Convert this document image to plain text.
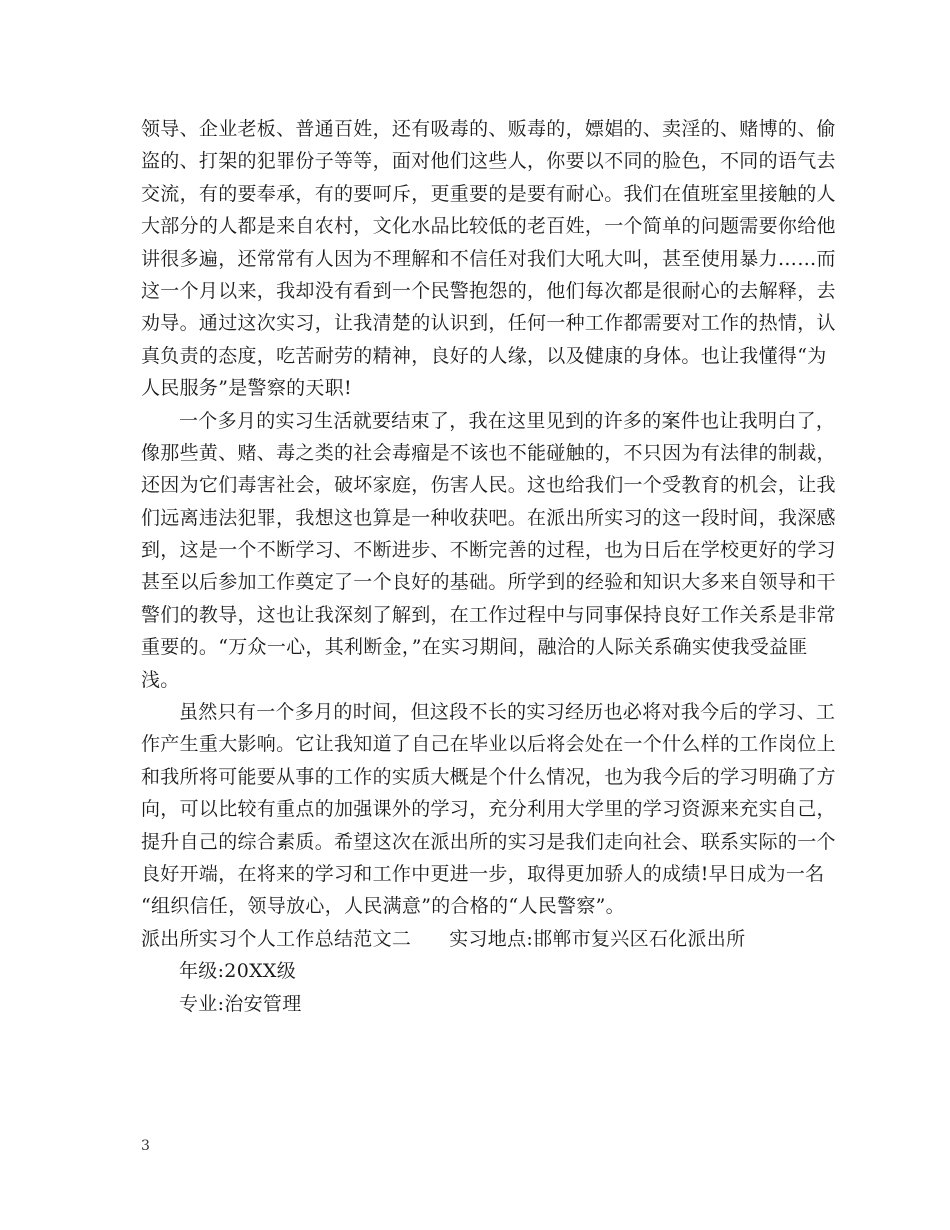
领导、企业老板、普通百姓，还有吸毒的、贩毒的，嫖娼的、卖淫的、赌博的、偷
盗的、打架的犯罪份子等等，面对他们这些人，你要以不同的脸色，不同的语气去
交流，有的要奉承，有的要呵斥，更重要的是要有耐心。我们在值班室里接触的人
大部分的人都是来自农村，文化水品比较低的老百姓，一个简单的问题需要你给他
讲很多遍，还常常有人因为不理解和不信任对我们大吼大叫，甚至使用暴力……而
这一个月以来，我却没有看到一个民警抱怨的，他们每次都是很耐心的去解释，去
劝导。通过这次实习，让我清楚的认识到，任何一种工作都需要对工作的热情，认
真负责的态度，吃苦耐劳的精神，良好的人缘，以及健康的身体。也让我懂得“为
人民服务”是警察的天职!
一个多月的实习生活就要结束了，我在这里见到的许多的案件也让我明白了，
像那些黄、赌、毒之类的社会毒瘤是不该也不能碰触的，不只因为有法律的制裁，
还因为它们毒害社会，破坏家庭，伤害人民。这也给我们一个受教育的机会，让我
们远离违法犯罪，我想这也算是一种收获吧。在派出所实习的这一段时间，我深感
到，这是一个不断学习、不断进步、不断完善的过程，也为日后在学校更好的学习
甚至以后参加工作奠定了一个良好的基础。所学到的经验和知识大多来自领导和干
警们的教导，这也让我深刻了解到，在工作过程中与同事保持良好工作关系是非常
重要的。“万众一心，其利断金，”在实习期间，融洽的人际关系确实使我受益匪
浅。
虽然只有一个多月的时间，但这段不长的实习经历也必将对我今后的学习、工
作产生重大影响。它让我知道了自己在毕业以后将会处在一个什么样的工作岗位上
和我所将可能要从事的工作的实质大概是个什么情况，也为我今后的学习明确了方
向，可以比较有重点的加强课外的学习，充分利用大学里的学习资源来充实自己，
提升自己的综合素质。希望这次在派出所的实习是我们走向社会、联系实际的一个
良好开端，在将来的学习和工作中更进一步，取得更加骄人的成绩!早日成为一名
“组织信任，领导放心，人民满意”的合格的“人民警察”。
派出所实习个人工作总结范文二 实习地点:邯郸市复兴区石化派出所
年级:20XX级
专业:治安管理
3
